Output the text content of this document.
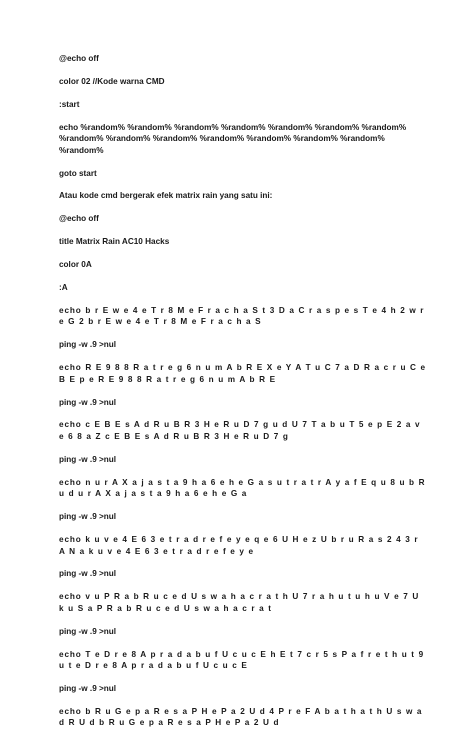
@echo off

color 02 //Kode warna CMD

:start

echo %random% %random% %random% %random% %random% %random% %random% %random% %random% %random% %random% %random% %random% %random% %random%

goto start

Atau kode cmd bergerak efek matrix rain yang satu ini:

@echo off

title Matrix Rain AC10 Hacks

color 0A

:A

echo b r E w e 4 e T r 8 M e F r a c h a S t 3 D a C r a s p e s T e 4 h 2 w r e G 2 b r E w e 4 e T r 8 M e F r a c h a S

ping -w .9 >nul

echo R E 9 8 8 R a t r e g 6 n u m A b R E X e Y A T u C 7 a D R a c r u C e B E p e R E 9 8 8 R a t r e g 6 n u m A b R E

ping -w .9 >nul

echo c E B E s A d R u B R 3 H e R u D 7 g u d U 7 T a b u T 5 e p E 2 a v e 6 8 a Z c E B E s A d R u B R 3 H e R u D 7 g

ping -w .9 >nul

echo n u r A X a j a s t a 9 h a 6 e h e G a s u t r a t r A y a f E q u 8 u b R u d u r A X a j a s t a 9 h a 6 e h e G a

ping -w .9 >nul

echo k u v e 4 E 6 3 e t r a d r e f e y e q e 6 U H e z U b r u R a s 2 4 3 r A N a k u v e 4 E 6 3 e t r a d r e f e y e

ping -w .9 >nul

echo v u P R a b R u c e d U s w a h a c r a t h U 7 r a h u t u h u V e 7 U k u S a P R a b R u c e d U s w a h a c r a t

ping -w .9 >nul

echo T e D r e 8 A p r a d a b u f U c u c E h E t 7 c r 5 s P a f r e t h u t 9 u t e D r e 8 A p r a d a b u f U c u c E

ping -w .9 >nul

echo b R u G e p a R e s a P H e P a 2 U d 4 P r e F A b a t h a t h U s w a d R U d b R u G e p a R e s a P H e P a 2 U d
